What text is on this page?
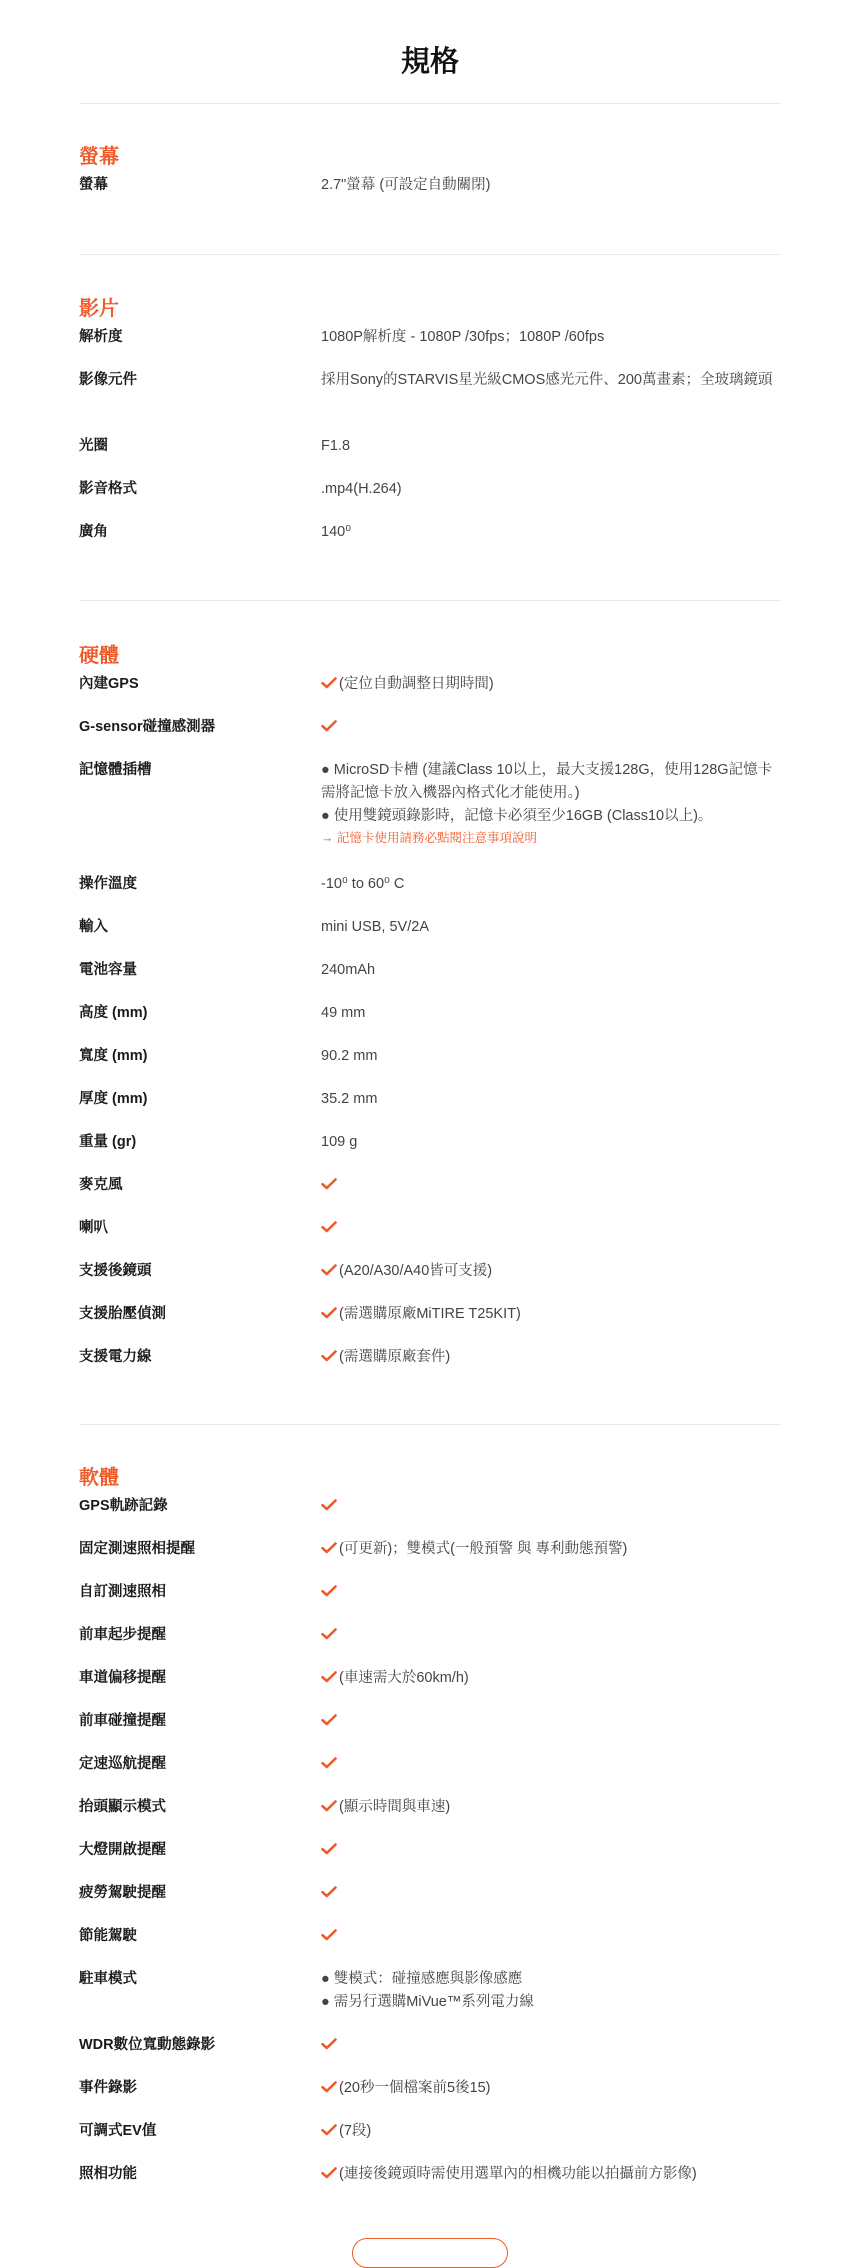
規格
螢幕
螢幕	2.7"螢幕 (可設定自動關閉)
影片
解析度	1080P解析度 - 1080P /30fps；1080P /60fps
影像元件	採用Sony的STARVIS星光級CMOS感光元件、200萬畫素；全玻璃鏡頭
光圈	F1.8
影音格式	.mp4(H.264)
廣角	140⁰
硬體
內建GPS	(定位自動調整日期時間)
G-sensor碰撞感測器
記憶體插槽	● MicroSD卡槽 (建議Class 10以上，最大支援128G，使用128G記憶卡需將記憶卡放入機器內格式化才能使用。)
● 使用雙鏡頭錄影時，記憶卡必須至少16GB (Class10以上)。
→ 記憶卡使用請務必點閱注意事項說明
操作溫度	-10⁰ to 60⁰ C
輸入	mini USB, 5V/2A
電池容量	240mAh
高度 (mm)	49 mm
寬度 (mm)	90.2 mm
厚度 (mm)	35.2 mm
重量 (gr)	109 g
麥克風
喇叭
支援後鏡頭	(A20/A30/A40皆可支援)
支援胎壓偵測	(需選購原廠MiTIRE T25KIT)
支援電力線	(需選購原廠套件)
軟體
GPS軌跡記錄
固定測速照相提醒	(可更新)；雙模式(一般預警 與 專利動態預警)
自訂測速照相
前車起步提醒
車道偏移提醒	(車速需大於60km/h)
前車碰撞提醒
定速巡航提醒
抬頭顯示模式	(顯示時間與車速)
大燈開啟提醒
疲勞駕駛提醒
節能駕駛
駐車模式	● 雙模式：碰撞感應與影像感應
● 需另行選購MiVue™系列電力線
WDR數位寬動態錄影
事件錄影	(20秒一個檔案前5後15)
可調式EV值	(7段)
照相功能	(連接後鏡頭時需使用選單內的相機功能以拍攝前方影像)
